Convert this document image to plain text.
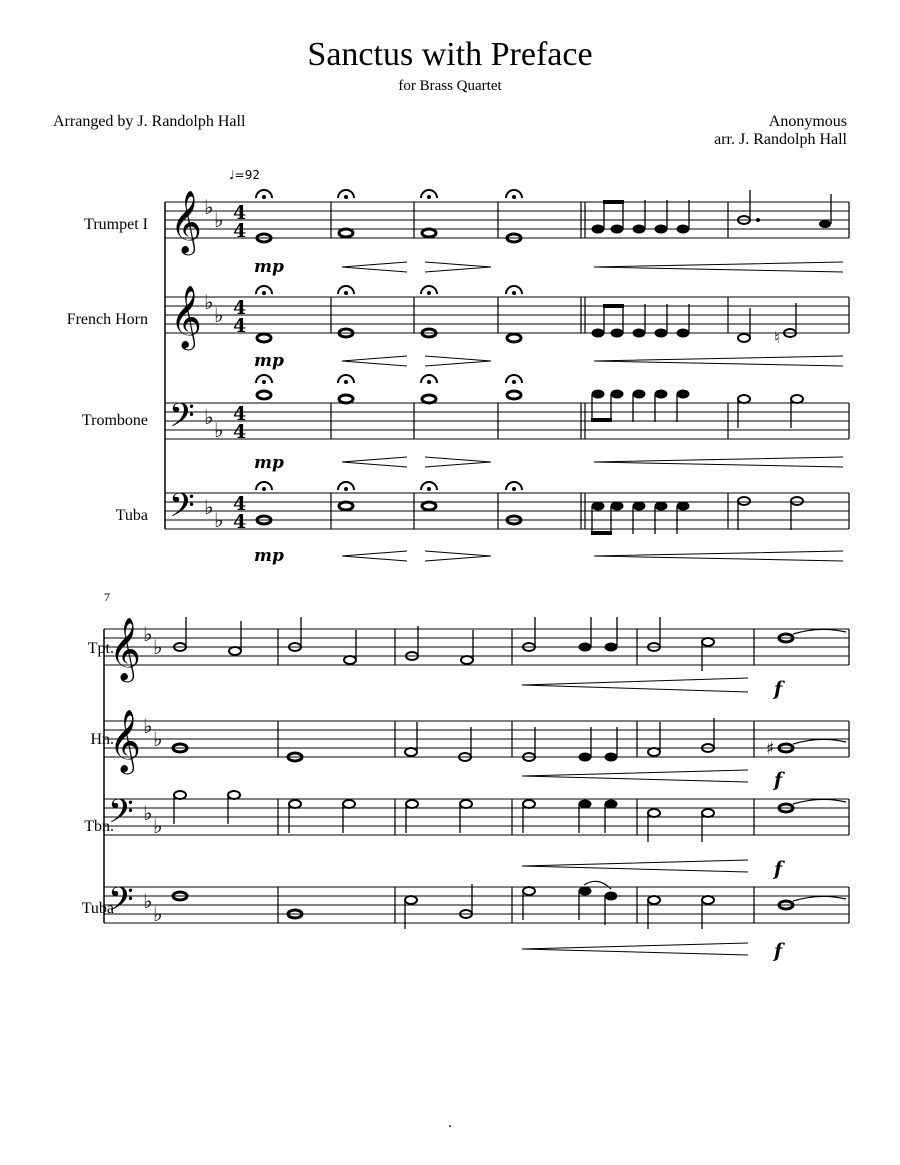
Sanctus with Preface
for Brass Quartet
Arranged by J. Randolph Hall	Anonymous
arr. J. Randolph Hall
♩=92
Trumpet I
French Horn
Trombone
Tuba
7
Tpt.
Hn.
Tbn.
Tuba
.
𝄞
𝄞
𝄢
𝄢
𝄞
𝄞
𝄢
𝄢
♭
♭
♭
♭
♭
♭
♭
♭
♭
♭
♭
♭
♭
♭
♭
♭
4
4
4
4
4
4
4
4
♮
mp
mp
mp
mp
♯
f
f
f
f
